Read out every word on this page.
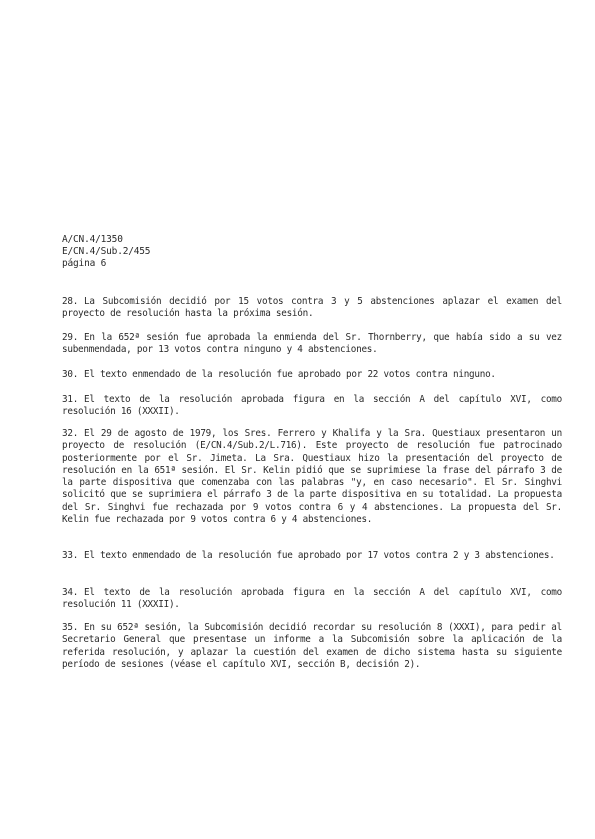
A/CN.4/1350
E/CN.4/Sub.2/455
página 6
28. La Subcomisión decidió por 15 votos contra 3 y 5 abstenciones aplazar el examen del proyecto de resolución hasta la próxima sesión.
29. En la 652ª sesión fue aprobada la enmienda del Sr. Thornberry, que había sido a su vez subenmendada, por 13 votos contra ninguno y 4 abstenciones.
30. El texto enmendado de la resolución fue aprobado por 22 votos contra ninguno.
31. El texto de la resolución aprobada figura en la sección A del capítulo XVI, como resolución 16 (XXXII).
32. El 29 de agosto de 1979, los Sres. Ferrero y Khalifa y la Sra. Questiaux presentaron un proyecto de resolución (E/CN.4/Sub.2/L.716). Este proyecto de resolución fue patrocinado posteriormente por el Sr. Jimeta. La Sra. Questiaux hizo la presentación del proyecto de resolución en la 651ª sesión. El Sr. Kelin pidió que se suprimiese la frase del párrafo 3 de la parte dispositiva que comenzaba con las palabras "y, en caso necesario". El Sr. Singhvi solicitó que se suprimiera el párrafo 3 de la parte dispositiva en su totalidad. La propuesta del Sr. Singhvi fue rechazada por 9 votos contra 6 y 4 abstenciones. La propuesta del Sr. Kelin fue rechazada por 9 votos contra 6 y 4 abstenciones.
33. El texto enmendado de la resolución fue aprobado por 17 votos contra 2 y 3 abstenciones.
34. El texto de la resolución aprobada figura en la sección A del capítulo XVI, como resolución 11 (XXXII).
35. En su 652ª sesión, la Subcomisión decidió recordar su resolución 8 (XXXI), para pedir al Secretario General que presentase un informe a la Subcomisión sobre la aplicación de la referida resolución, y aplazar la cuestión del examen de dicho sistema hasta su siguiente período de sesiones (véase el capítulo XVI, sección B, decisión 2).
